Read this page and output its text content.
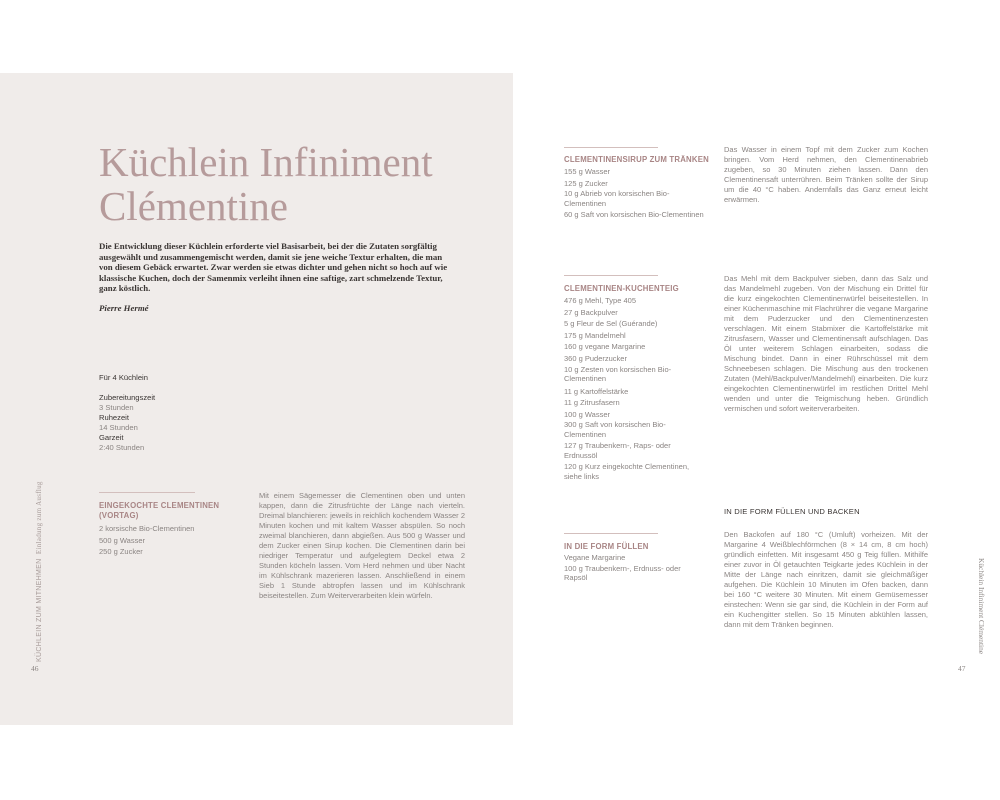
Küchlein Infiniment
Clémentine

Die Entwicklung dieser Küchlein erforderte viel Basisarbeit, bei der die Zutaten sorgfältig ausgewählt und zusammengemischt werden, damit sie jene weiche Textur erhalten, die man von diesem Gebäck erwartet. Zwar werden sie etwas dichter und gehen nicht so hoch auf wie klassische Kuchen, doch der Samenmix verleiht ihnen eine saftige, zart schmelzende Textur, ganz köstlich.

Pierre Hermé

Für 4 Küchlein
Zubereitungszeit
3 Stunden
Ruhezeit
14 Stunden
Garzeit
2:40 Stunden
EINGEKOCHTE CLEMENTINEN
(VORTAG)
2 korsische Bio-Clementinen
500 g Wasser
250 g Zucker

Mit einem Sägemesser die Clementinen oben und unten kappen, dann die Zitrusfrüchte der Länge nach vierteln. Dreimal blanchieren: jeweils in reichlich kochendem Wasser 2 Minuten kochen und mit kaltem Wasser abspülen. So noch zweimal blanchieren, dann abgießen. Aus 500 g Wasser und dem Zucker einen Sirup kochen. Die Clementinen darin bei niedriger Temperatur und aufgelegtem Deckel etwa 2 Stunden köcheln lassen. Vom Herd nehmen und über Nacht im Kühlschrank mazerieren lassen. Anschließend in einem Sieb 1 Stunde abtropfen lassen und im Kühlschrank beiseitestellen. Zum Weiterverarbeiten klein würfeln.

KÜCHLEIN ZUM MITNEHMEN  Einladung zum Ausflug
46
CLEMENTINENSIRUP ZUM TRÄNKEN
155 g Wasser
125 g Zucker
10 g Abrieb von korsischen Bio-Clementinen
60 g Saft von korsischen Bio-Clementinen

Das Wasser in einem Topf mit dem Zucker zum Kochen bringen. Vom Herd nehmen, den Clementinenabrieb zugeben, so 30 Minuten ziehen lassen. Dann den Clementinensaft unterrühren. Beim Tränken sollte der Sirup um die 40 °C haben. Andernfalls das Ganz erneut leicht erwärmen.

CLEMENTINEN-KUCHENTEIG
476 g Mehl, Type 405
27 g Backpulver
5 g Fleur de Sel (Guérande)
175 g Mandelmehl
160 g vegane Margarine
360 g Puderzucker
10 g Zesten von korsischen Bio-Clementinen
11 g Kartoffelstärke
11 g Zitrusfasern
100 g Wasser
300 g Saft von korsischen Bio-Clementinen
127 g Traubenkern-, Raps- oder Erdnussöl
120 g Kurz eingekochte Clementinen, siehe links

Das Mehl mit dem Backpulver sieben, dann das Salz und das Mandelmehl zugeben. Von der Mischung ein Drittel für die kurz eingekochten Clementinenwürfel beiseitestellen. In einer Küchenmaschine mit Flachrührer die vegane Margarine mit dem Puderzucker und den Clementinenzesten verschlagen. Mit einem Stabmixer die Kartoffelstärke mit Zitrusfasern, Wasser und Clementinensaft aufschlagen. Das Öl unter weiterem Schlagen einarbeiten, sodass die Mischung bindet. Dann in einer Rührschüssel mit dem Schneebesen schlagen. Die Mischung aus den trockenen Zutaten (Mehl/Backpulver/Mandelmehl) einarbeiten. Die kurz eingekochten Clementinenwürfel im restlichen Drittel Mehl wenden und unter die Teigmischung heben. Gründlich vermischen und sofort weiterverarbeiten.

IN DIE FORM FÜLLEN
Vegane Margarine
100 g Traubenkern-, Erdnuss- oder Rapsöl
IN DIE FORM FÜLLEN UND BACKEN

Den Backofen auf 180 °C (Umluft) vorheizen. Mit der Margarine 4 Weißblechförmchen (8 × 14 cm, 8 cm hoch) gründlich einfetten. Mit insgesamt 450 g Teig füllen. Mithilfe einer zuvor in Öl getauchten Teigkarte jedes Küchlein in der Mitte der Länge nach einritzen, damit sie gleichmäßiger aufgehen. Die Küchlein 10 Minuten im Ofen backen, dann bei 160 °C weitere 30 Minuten. Mit einem Gemüsemesser einstechen: Wenn sie gar sind, die Küchlein in der Form auf ein Kuchengitter stellen. So 15 Minuten abkühlen lassen, dann mit dem Tränken beginnen.	Küchlein Infiniment Clémentine
47
